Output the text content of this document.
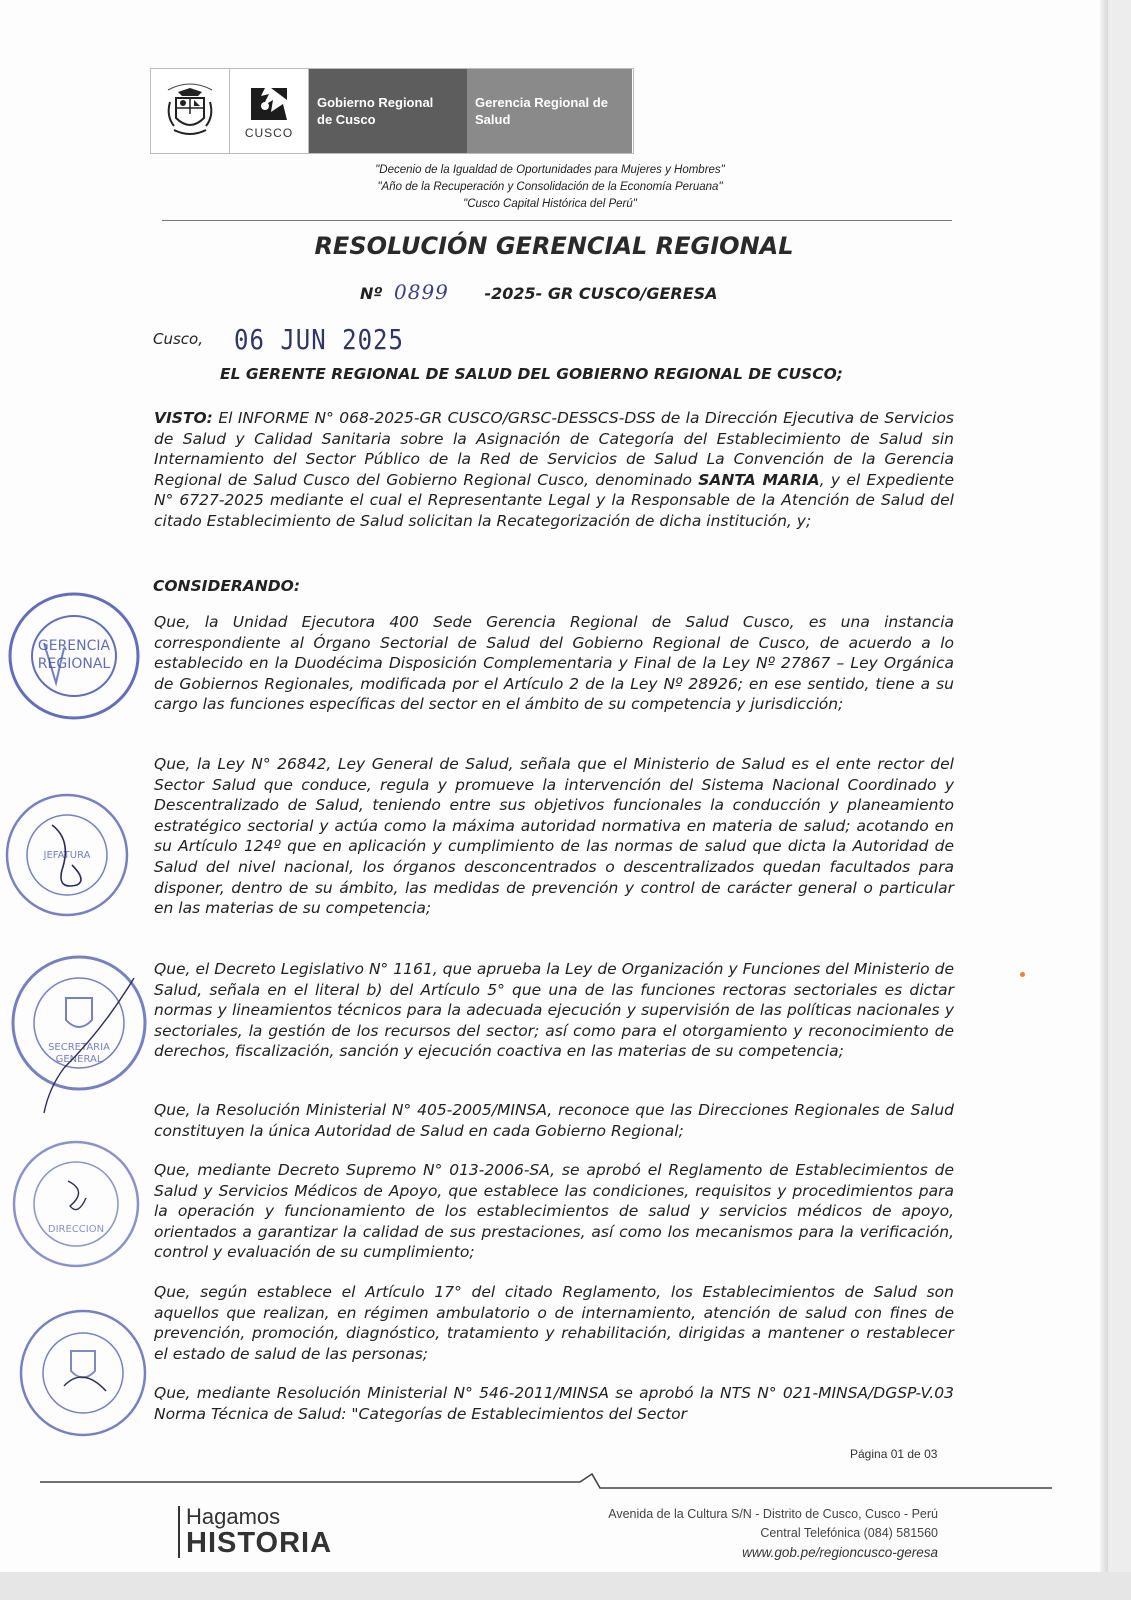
CUSCO
Gobierno Regional
de Cusco
Gerencia Regional de
Salud
"Decenio de la Igualdad de Oportunidades para Mujeres y Hombres"
"Año de la Recuperación y Consolidación de la Economía Peruana"
"Cusco Capital Histórica del Perú"
RESOLUCIÓN GERENCIAL REGIONAL
Nº 0899 -2025- GR CUSCO/GERESA
Cusco, 06 JUN 2025
EL GERENTE REGIONAL DE SALUD DEL GOBIERNO REGIONAL DE CUSCO;
VISTO: El INFORME N° 068-2025-GR CUSCO/GRSC-DESSCS-DSS de la Dirección Ejecutiva de Servicios de Salud y Calidad Sanitaria sobre la Asignación de Categoría del Establecimiento de Salud sin Internamiento del Sector Público de la Red de Servicios de Salud La Convención de la Gerencia Regional de Salud Cusco del Gobierno Regional Cusco, denominado SANTA MARIA, y el Expediente N° 6727-2025 mediante el cual el Representante Legal y la Responsable de la Atención de Salud del citado Establecimiento de Salud solicitan la Recategorización de dicha institución, y;
CONSIDERANDO:
Que, la Unidad Ejecutora 400 Sede Gerencia Regional de Salud Cusco, es una instancia correspondiente al Órgano Sectorial de Salud del Gobierno Regional de Cusco, de acuerdo a lo establecido en la Duodécima Disposición Complementaria y Final de la Ley Nº 27867 – Ley Orgánica de Gobiernos Regionales, modificada por el Artículo 2 de la Ley Nº 28926; en ese sentido, tiene a su cargo las funciones específicas del sector en el ámbito de su competencia y jurisdicción;
Que, la Ley N° 26842, Ley General de Salud, señala que el Ministerio de Salud es el ente rector del Sector Salud que conduce, regula y promueve la intervención del Sistema Nacional Coordinado y Descentralizado de Salud, teniendo entre sus objetivos funcionales la conducción y planeamiento estratégico sectorial y actúa como la máxima autoridad normativa en materia de salud; acotando en su Artículo 124º que en aplicación y cumplimiento de las normas de salud que dicta la Autoridad de Salud del nivel nacional, los órganos desconcentrados o descentralizados quedan facultados para disponer, dentro de su ámbito, las medidas de prevención y control de carácter general o particular en las materias de su competencia;
Que, el Decreto Legislativo N° 1161, que aprueba la Ley de Organización y Funciones del Ministerio de Salud, señala en el literal b) del Artículo 5° que una de las funciones rectoras sectoriales es dictar normas y lineamientos técnicos para la adecuada ejecución y supervisión de las políticas nacionales y sectoriales, la gestión de los recursos del sector; así como para el otorgamiento y reconocimiento de derechos, fiscalización, sanción y ejecución coactiva en las materias de su competencia;
Que, la Resolución Ministerial N° 405-2005/MINSA, reconoce que las Direcciones Regionales de Salud constituyen la única Autoridad de Salud en cada Gobierno Regional;
Que, mediante Decreto Supremo N° 013-2006-SA, se aprobó el Reglamento de Establecimientos de Salud y Servicios Médicos de Apoyo, que establece las condiciones, requisitos y procedimientos para la operación y funcionamiento de los establecimientos de salud y servicios médicos de apoyo, orientados a garantizar la calidad de sus prestaciones, así como los mecanismos para la verificación, control y evaluación de su cumplimiento;
Que, según establece el Artículo 17° del citado Reglamento, los Establecimientos de Salud son aquellos que realizan, en régimen ambulatorio o de internamiento, atención de salud con fines de prevención, promoción, diagnóstico, tratamiento y rehabilitación, dirigidas a mantener o restablecer el estado de salud de las personas;
Que, mediante Resolución Ministerial N° 546-2011/MINSA se aprobó la NTS N° 021-MINSA/DGSP-V.03 Norma Técnica de Salud: "Categorías de Establecimientos del Sector
GERENCIA
REGIONAL
JEFATURA
SECRETARIA
GENERAL
DIRECCION
Página 01 de 03
Hagamos
HISTORIA
Avenida de la Cultura S/N - Distrito de Cusco, Cusco - Perú
Central Telefónica (084) 581560
www.gob.pe/regioncusco-geresa
